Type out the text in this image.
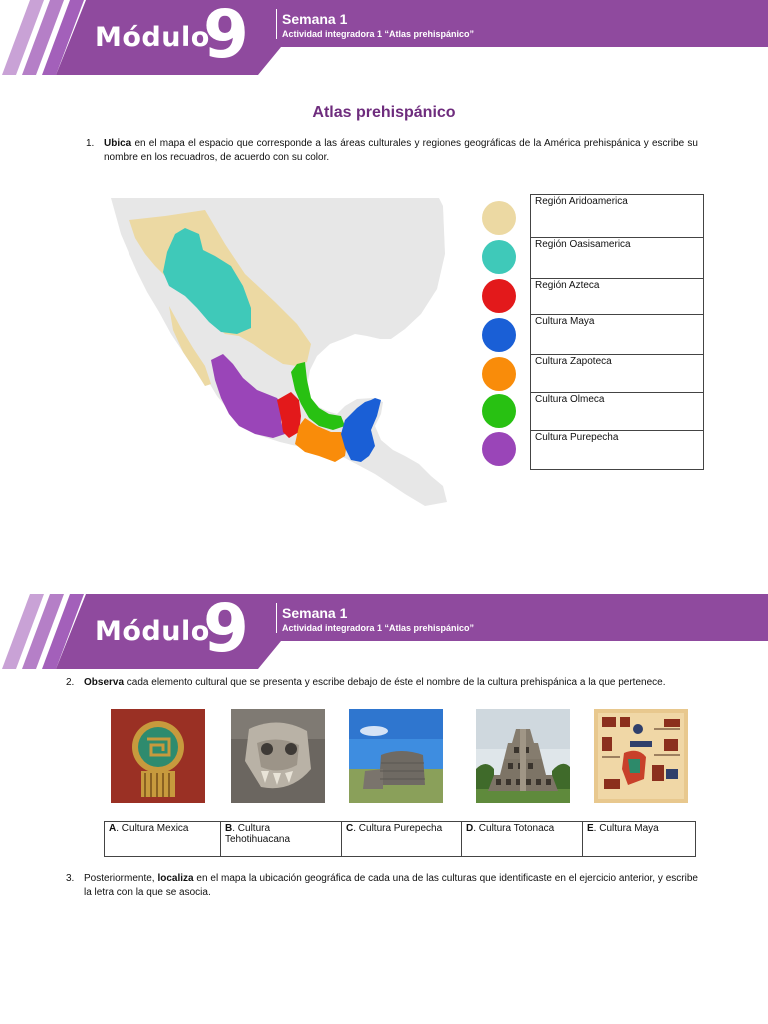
Módulo
9 Semana 1
Actividad integradora 1 “Atlas prehispánico”
Atlas prehispánico
1. Ubica en el mapa el espacio que corresponde a las áreas culturales y regiones geográficas de la América prehispánica y escribe su nombre en los recuadros, de acuerdo con su color.
Región Aridoamerica
Región Oasisamerica
Región Azteca
Cultura Maya
Cultura Zapoteca
Cultura Olmeca
Cultura Purepecha
Módulo
9 Semana 1
Actividad integradora 1 “Atlas prehispánico”
2. Observa cada elemento cultural que se presenta y escribe debajo de éste el nombre de la cultura prehispánica a la que pertenece.
A. Cultura Mexica	B. Cultura Tehotihuacana	C. Cultura Purepecha	D. Cultura Totonaca	E. Cultura Maya
3. Posteriormente, localiza en el mapa la ubicación geográfica de cada una de las culturas que identificaste en el ejercicio anterior, y escribe la letra con la que se asocia.
